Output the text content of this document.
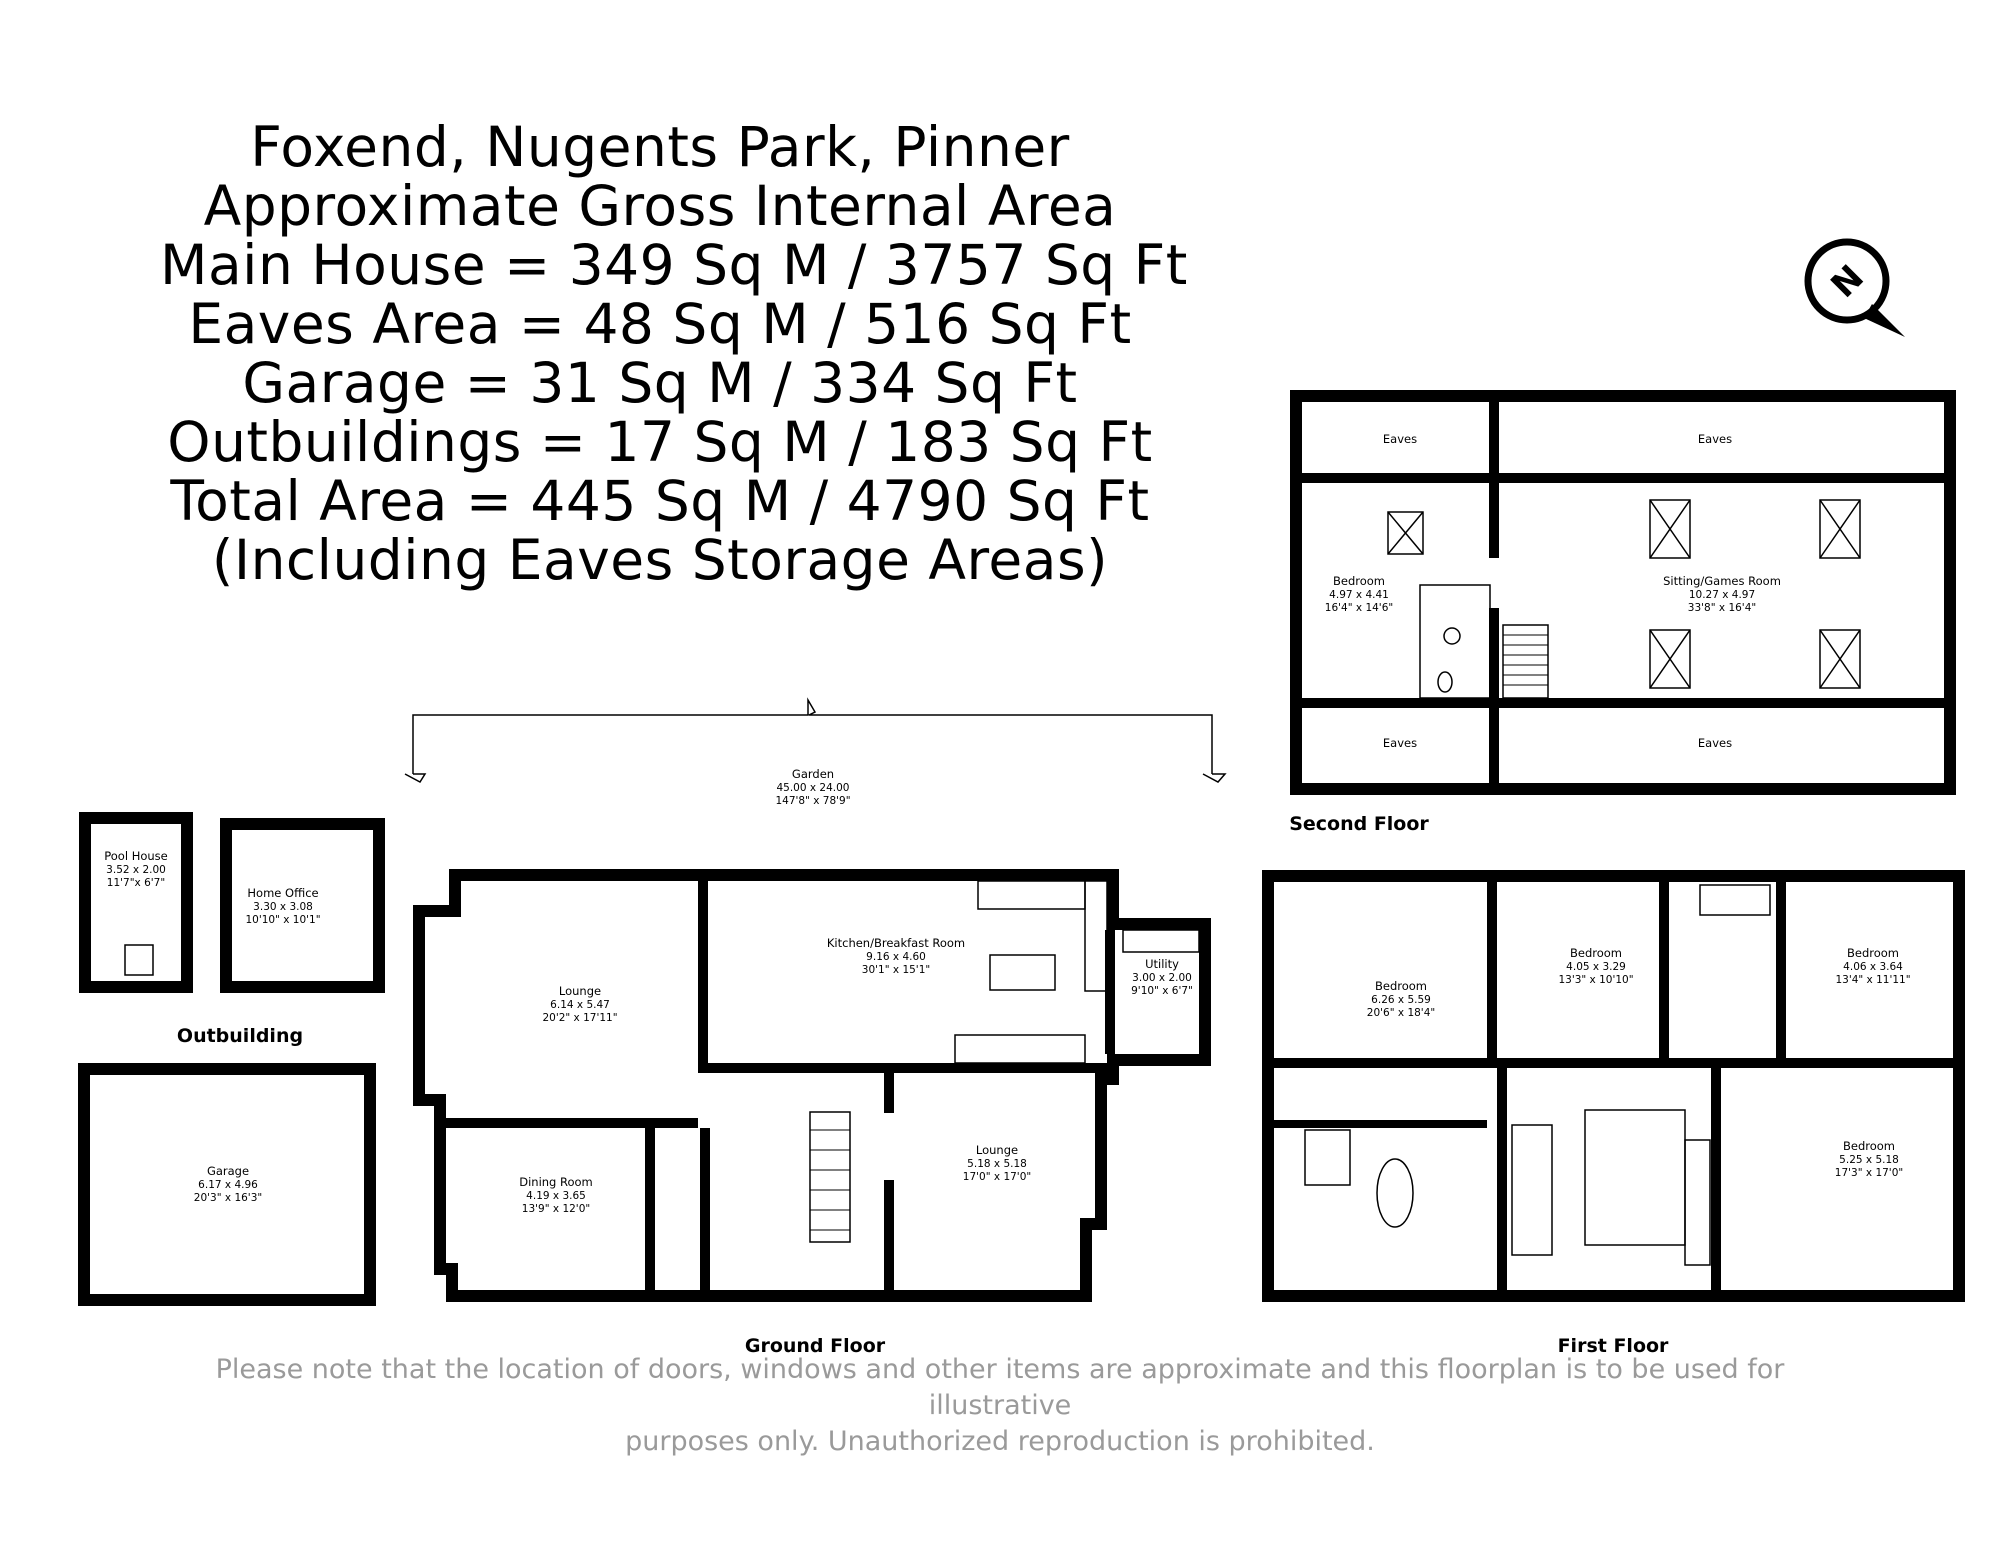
Foxend, Nugents Park, Pinner
Approximate Gross Internal Area
Main House = 349 Sq M / 3757 Sq Ft
Eaves Area = 48 Sq M / 516 Sq Ft
Garage = 31 Sq M / 334 Sq Ft
Outbuildings = 17 Sq M / 183 Sq Ft
Total Area = 445 Sq M / 4790 Sq Ft
(Including Eaves Storage Areas)
N
Eaves	Eaves
Eaves	Eaves
Bedroom
4.97 x 4.41
16'4" x 14'6"
Sitting/Games Room
10.27 x 4.97
33'8" x 16'4"
Second Floor
Bedroom
6.26 x 5.59
20'6" x 18'4"
Bedroom
4.05 x 3.29
13'3" x 10'10"
Bedroom
4.06 x 3.64
13'4" x 11'11"
Bedroom
5.25 x 5.18
17'3" x 17'0"
First Floor
Garden
45.00 x 24.00
147'8" x 78'9"
Lounge
6.14 x 5.47
20'2" x 17'11"
Kitchen/Breakfast Room
9.16 x 4.60
30'1" x 15'1"	Utility
3.00 x 2.00
9'10" x 6'7"
Dining Room
4.19 x 3.65
13'9" x 12'0"
Lounge
5.18 x 5.18
17'0" x 17'0"
Ground Floor
Pool House
3.52 x 2.00
11'7"x 6'7"
Home Office
3.30 x 3.08
10'10" x 10'1"
Outbuilding
Garage
6.17 x 4.96
20'3" x 16'3"
Please note that the location of doors, windows and other items are approximate and this floorplan is to be used for illustrative
purposes only. Unauthorized reproduction is prohibited.
